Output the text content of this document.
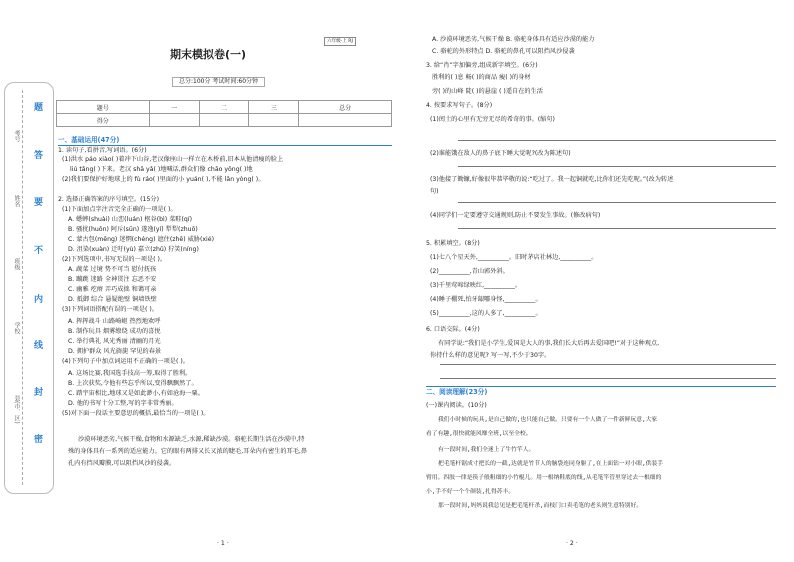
题
答
要
不
内
线
封
密
考号
姓名
班级
学校
县(市、区)
六年级·上 RJ
期末模拟卷(一)
总分:100分 考试时间:60分钟
题号	一	二	三	总分
得分				
一、基础运用(47分)
1. 读句子,看拼音,写词语。(6分)
(1)洪水 páo xiào( )着冲下山谷,老汉像座山一样立在木桥前,旧本从他清瘦的脸上
liú tǎng( )下来。老汉 shā yǎ( )地喊话,群众们像 chāo yǒng( )地
(2)我们要保护好地球上的 fù ráo( )里面的小 yuán( ),不能 lǎn yòng( )。
2. 选择正确答案的序号填空。(15分)
(1)下面加点字注音完全正确的一项是( )。
A. 蟋蟀(shuài) 山峦(luán) 枢谷(bì) 菜畦(qí)
B. 骚扰(huǒn) 阿斥(sūn) 遂逸(yí) 犁犁(zhuō)
C. 蒙古包(měng) 迷惘(chéng) 遮住(zhē) 威胁(xié)
D. 沮染(xuàn) 迁吁(yù) 嘉立(zhǔ) 狞笑(níng)
(2)下列选项中,书写无误的一项是( )。
A. 蔬菜 过境 势不可当 慰付抚孩
B. 蹦跳 迷路 全神贯注 忘恶不安
C. 幽雅 疙瘩 弄巧成拙 和蔼可亲
D. 抵御 综合 悬疑绝壁 铜墙铁壁
(3)下列词语搭配有误的一项是( )。
A. 挥挥战斗 山路崎岖 热烈地欢呼
B. 制作玩具 烟雾缭绕 成功的喜悦
C. 举行典礼 风光秀丽 清幽的月光
D. 拥护群众 风光旖旎 罕见的春景
(4)下列句子中加点词运用不正确的一项是( )。
A. 这场比赛,我国选手技高一筹,取得了胜利。
B. 上次获奖,令他有些忘乎所以,变得飘飘然了。
C. 踏宇宙相比,地球又是如此渺小,有如沧海一粟。
D. 他的书写十分工整,写的字非常秀丽。
(5)对下面一段话主要意思的概括,最恰当的一项是( )。
沙漠环境恶劣,气候干燥,食物和水源缺乏,水源,稀缺沙漠。骆驼长期生活在沙漠中,特
殊的身体具有一系列的适应能力。它的眼有两排又长又浓的睫毛,耳朵内有密生的耳毛,鼻
孔内有挡风瓣膜,可以阻挡风沙的侵袭。
· 1 ·
A. 沙漠环境恶劣,气候干燥 B. 骆驼身体具有适应沙漠的能力
C. 骆驼的外形特点 D. 骆驼的鼻孔可以阻挡风沙侵袭
3. 给“肖”字加偏旁,组成新字填空。(6分)
胜利的( )息 畅( )的商品 瘦( )的身材
旁( )的山峰 陡( )的悬崖 ( )遥自在的生活
4. 按要求写句子。(8分)
(1)闰土的心里有无穷无尽的希奇的事。(缩句)
(2)谁能饿在敌人的鼻子底下睡大觉呢?(改为陈述句)
(3)他接了锄镰,好像很毕恭毕敬的说:“吃过了。我一起铜就吃,比你们还先吃呢。”(改为转述
句)
(4)同学们一定要遵守交通规则,防止不要发生事故。(修改病句)
5. 积累填空。(8分)
(1)七八个星天外,__________。旧时茅店社林边,__________。
(2)__________,青山郭外斜。
(3)千里莺啼绿映红,__________。
(4)睡子棚死,怕牙龈哪身怪,__________。
(5)__________,这的人多了,__________。
6. 口语交际。(4分)
有同学说:“我们是小学生,爱国是大人的事,我们长大后再去爱国吧!”对于这种观点,
你持什么样的意见呢? 写一写,不少于30字。
二、阅读理解(23分)
(一)课内阅读。(10分)
我们小时候的玩具,是自己做的,也只能自己做。只要有一个人做了一件新鲜玩意,大家
看了有趣,很快就能风靡全班,以至全校。
有一段时间,我们全迷上了牛竹竿人。
把毛笔杆锯成寸把长的一截,达就是竹节人的脑袋连同身躯了,在上面钻一对小眼,供装手
臂用。四肢一律是筷子般粗细的小竹棍儿。用一根纳鞋底的线,从毛笔竿管里穿过去一根细的
小,手不好一个个颜装,扎得苏丰。
那一段时间,妈妈说我总见是把毛笔杆杀,而枝门口卖毛笔的老头则生意特别好。
· 2 ·
